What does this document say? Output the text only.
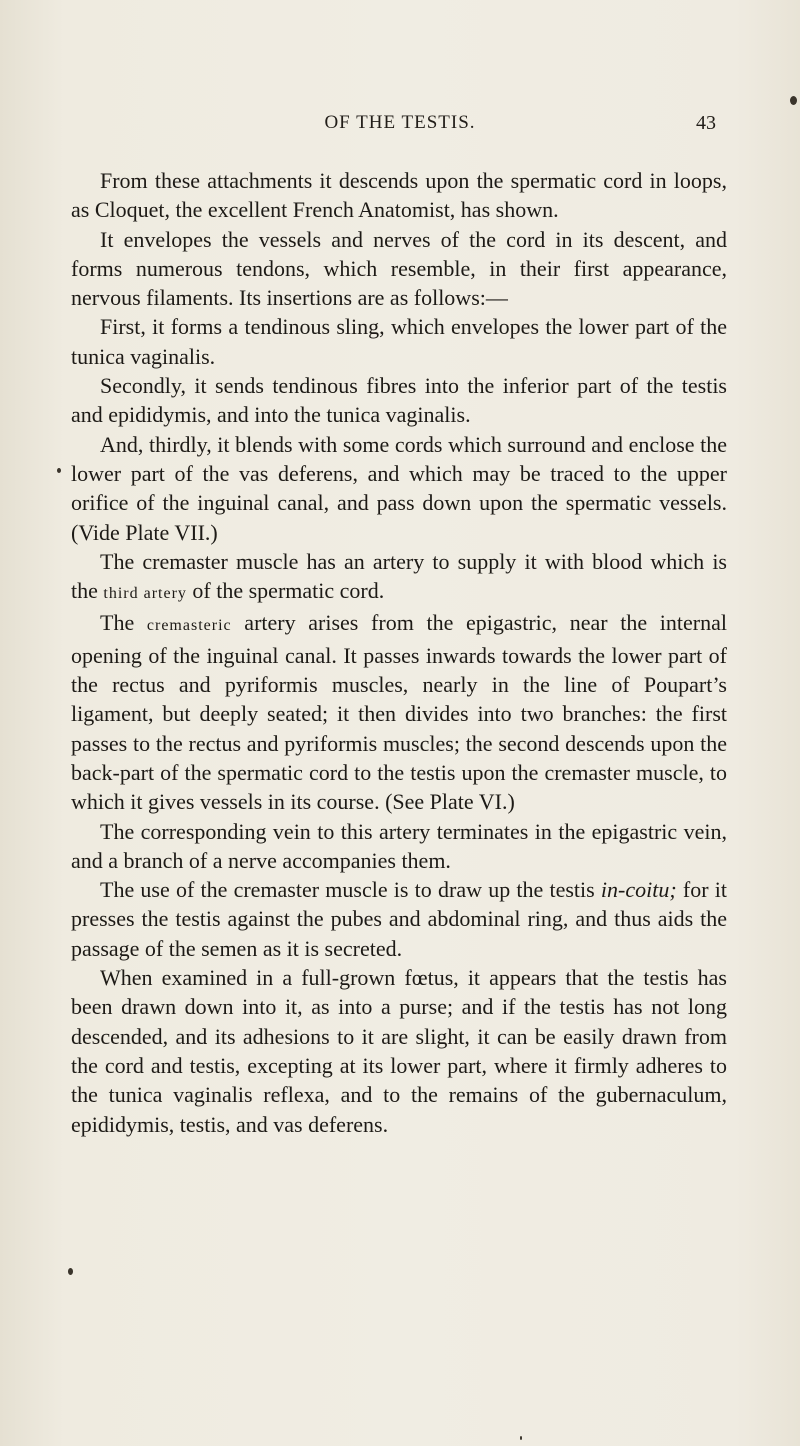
OF THE TESTIS.	43

From these attachments it descends upon the spermatic cord in loops, as Cloquet, the excellent French Anatomist, has shown.

It envelopes the vessels and nerves of the cord in its descent, and forms numerous tendons, which resemble, in their first appearance, nervous filaments. Its insertions are as follows:—

First, it forms a tendinous sling, which envelopes the lower part of the tunica vaginalis.

Secondly, it sends tendinous fibres into the inferior part of the testis and epididymis, and into the tunica vaginalis.

And, thirdly, it blends with some cords which surround and enclose the lower part of the vas deferens, and which may be traced to the upper orifice of the inguinal canal, and pass down upon the spermatic vessels. (Vide Plate VII.)

The cremaster muscle has an artery to supply it with blood which is the third artery of the spermatic cord.

The cremasteric artery arises from the epigastric, near the internal opening of the inguinal canal. It passes inwards towards the lower part of the rectus and pyriformis muscles, nearly in the line of Poupart’s ligament, but deeply seated; it then divides into two branches: the first passes to the rectus and pyriformis muscles; the second descends upon the back-part of the spermatic cord to the testis upon the cremaster muscle, to which it gives vessels in its course. (See Plate VI.)

The corresponding vein to this artery terminates in the epigastric vein, and a branch of a nerve accompanies them.

The use of the cremaster muscle is to draw up the testis in-coitu; for it presses the testis against the pubes and abdominal ring, and thus aids the passage of the semen as it is secreted.

When examined in a full-grown fœtus, it appears that the testis has been drawn down into it, as into a purse; and if the testis has not long descended, and its adhesions to it are slight, it can be easily drawn from the cord and testis, excepting at its lower part, where it firmly adheres to the tunica vaginalis reflexa, and to the remains of the gubernaculum, epididymis, testis, and vas deferens.
